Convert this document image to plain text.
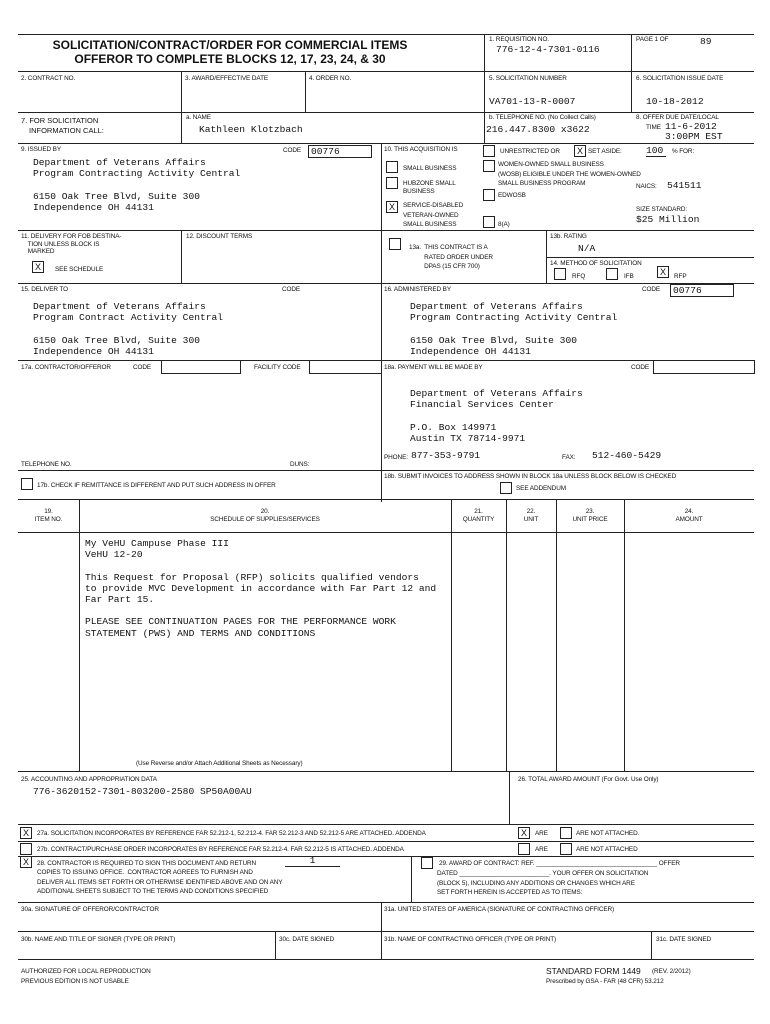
SOLICITATION/CONTRACT/ORDER FOR COMMERCIAL ITEMS
OFFEROR TO COMPLETE BLOCKS 12, 17, 23, 24, & 30
1. REQUISITION NO.
776-12-4-7301-0116
PAGE 1 OF	89
2. CONTRACT NO.	3. AWARD/EFFECTIVE DATE	4. ORDER NO.	5. SOLICITATION NUMBER
VA701-13-R-0007
6. SOLICITATION ISSUE DATE
10-18-2012
7. FOR SOLICITATION
INFORMATION CALL:
a. NAME
Kathleen Klotzbach
b. TELEPHONE NO. (No Collect Calls)
216.447.8300 x3622
8. OFFER DUE DATE/LOCAL
TIME 11-6-2012
3:00PM EST
9. ISSUED BY	CODE	00776
Department of Veterans Affairs
Program Contracting Activity Central

6150 Oak Tree Blvd, Suite 300
Independence OH 44131
10. THIS ACQUISITION IS	UNRESTRICTED OR	X SET ASIDE:	100	% FOR:
SMALL BUSINESS
HUBZONE SMALL
BUSINESS
X	SERVICE-DISABLED
VETERAN-OWNED
SMALL BUSINESS
WOMEN-OWNED SMALL BUSINESS
(WOSB) ELIGIBLE UNDER THE WOMEN-OWNED
SMALL BUSINESS PROGRAM	NAICS: 541511
EDWOSB
8(A)
SIZE STANDARD:
$25 Million
11. DELIVERY FOR FOB DESTINA-
TION UNLESS BLOCK IS
MARKED
X	SEE SCHEDULE
12. DISCOUNT TERMS
13a.  THIS CONTRACT IS A
RATED ORDER UNDER
DPAS (15 CFR 700)
13b. RATING
N/A
14. METHOD OF SOLICITATION
RFQ	IFB	X	RFP
15. DELIVER TO	CODE
Department of Veterans Affairs
Program Contract Activity Central

6150 Oak Tree Blvd, Suite 300
Independence OH 44131
16. ADMINISTERED BY	CODE	00776
Department of Veterans Affairs
Program Contracting Activity Central

6150 Oak Tree Blvd, Suite 300
Independence OH 44131
17a. CONTRACTOR/OFFEROR	CODE	FACILITY CODE
TELEPHONE NO.	DUNS:
17b. CHECK IF REMITTANCE IS DIFFERENT AND PUT SUCH ADDRESS IN OFFER
18a. PAYMENT WILL BE MADE BY	CODE
Department of Veterans Affairs
Financial Services Center

P.O. Box 149971
Austin TX 78714-9971
PHONE: 877-353-9791	FAX: 512-460-5429
18b. SUBMIT INVOICES TO ADDRESS SHOWN IN BLOCK 18a UNLESS BLOCK BELOW IS CHECKED
SEE ADDENDUM
19.
ITEM NO.
20.
SCHEDULE OF SUPPLIES/SERVICES
21.
QUANTITY
22.
UNIT
23.
UNIT PRICE
24.
AMOUNT
My VeHU Campuse Phase III
VeHU 12-20

This Request for Proposal (RFP) solicits qualified vendors
to provide MVC Development in accordance with Far Part 12 and
Far Part 15.

PLEASE SEE CONTINUATION PAGES FOR THE PERFORMANCE WORK
STATEMENT (PWS) AND TERMS AND CONDITIONS
(Use Reverse and/or Attach Additional Sheets as Necessary)
25. ACCOUNTING AND APPROPRIATION DATA
776-3620152-7301-803200-2580 SP50A00AU
26. TOTAL AWARD AMOUNT (For Govt. Use Only)
X	27a. SOLICITATION INCORPORATES BY REFERENCE FAR 52.212-1, 52.212-4. FAR 52.212-3 AND 52.212-5 ARE ATTACHED. ADDENDA	X	ARE	ARE NOT ATTACHED.
27b. CONTRACT/PURCHASE ORDER INCORPORATES BY REFERENCE FAR 52.212-4. FAR 52.212-5 IS ATTACHED. ADDENDA	ARE	ARE NOT ATTACHED
X	28. CONTRACTOR IS REQUIRED TO SIGN THIS DOCUMENT AND RETURN	1
COPIES TO ISSUING OFFICE.  CONTRACTOR AGREES TO FURNISH AND
DELIVER ALL ITEMS SET FORTH OR OTHERWISE IDENTIFIED ABOVE AND ON ANY
ADDITIONAL SHEETS SUBJECT TO THE TERMS AND CONDITIONS SPECIFIED
29. AWARD OF CONTRACT: REF. ___________________________________ OFFER
DATED __________________________. YOUR OFFER ON SOLICITATION
(BLOCK 5), INCLUDING ANY ADDITIONS OR CHANGES WHICH ARE
SET FORTH HEREIN IS ACCEPTED AS TO ITEMS:
30a. SIGNATURE OF OFFEROR/CONTRACTOR	31a. UNITED STATES OF AMERICA (SIGNATURE OF CONTRACTING OFFICER)
30b. NAME AND TITLE OF SIGNER (TYPE OR PRINT)	30c. DATE SIGNED	31b. NAME OF CONTRACTING OFFICER (TYPE OR PRINT)	31c. DATE SIGNED
AUTHORIZED FOR LOCAL REPRODUCTION
PREVIOUS EDITION IS NOT USABLE
STANDARD FORM 1449 (REV. 2/2012)
Prescribed by GSA - FAR (48 CFR) 53.212
